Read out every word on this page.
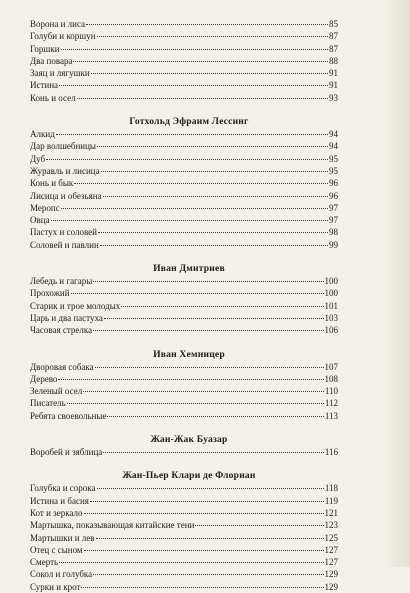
Ворона и лиса	85
Голуби и коршун	87
Горшки	87
Два повара	88
Заяц и лягушки	91
Истина	91
Конь и осел	93
Готхольд Эфраим Лессинг
Алкид	94
Дар волшебницы	94
Дуб	95
Журавль и лисица	95
Конь и бык	96
Лисица и обезьяна	96
Меропс	97
Овца	97
Пастух и соловей	98
Соловей и павлин	99
Иван Дмитриев
Лебедь и гагары	100
Прохожий	100
Старик и трое молодых	101
Царь и два пастуха	103
Часовая стрелка	106
Иван Хемницер
Дворовая собака	107
Дерево	108
Зеленый осел	110
Писатель	112
Ребята своевольные	113
Жан-Жак Буазар
Воробей и зяблица	116
Жан-Пьер Клари де Флориан
Голубка и сорока	118
Истина и басня	119
Кот и зеркало	121
Мартышка, показывающая китайские тени	123
Мартышки и лев	125
Отец с сыном	127
Смерть	127
Сокол и голубка	129
Сурки и крот	129
